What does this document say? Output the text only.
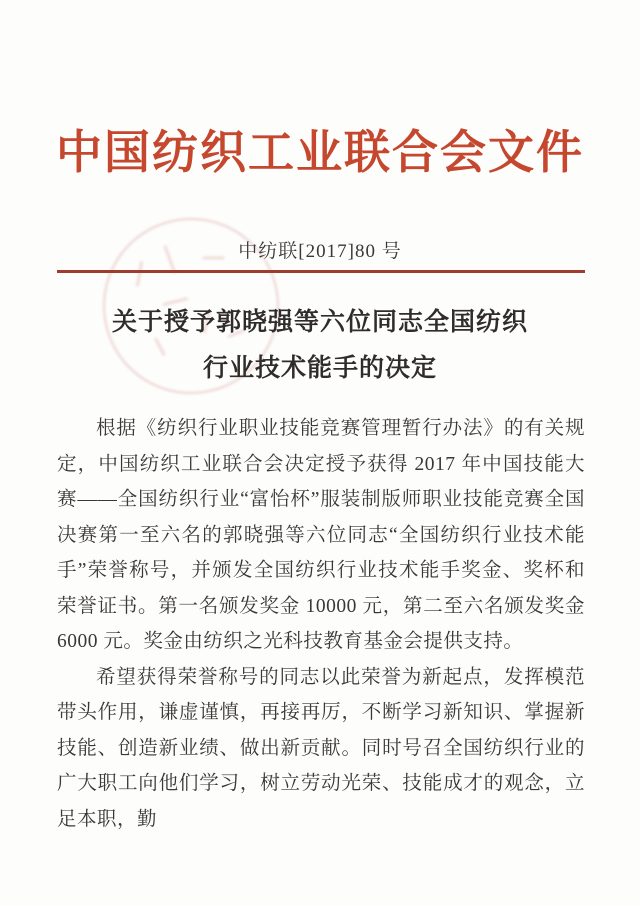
中国纺织工业联合会文件
中纺联[2017]80 号
关于授予郭晓强等六位同志全国纺织
行业技术能手的决定

根据《纺织行业职业技能竞赛管理暂行办法》的有关规定，中国纺织工业联合会决定授予获得 2017 年中国技能大赛——全国纺织行业“富怡杯”服装制版师职业技能竞赛全国决赛第一至六名的郭晓强等六位同志“全国纺织行业技术能手”荣誉称号，并颁发全国纺织行业技术能手奖金、奖杯和荣誉证书。第一名颁发奖金 10000 元，第二至六名颁发奖金 6000 元。奖金由纺织之光科技教育基金会提供支持。

希望获得荣誉称号的同志以此荣誉为新起点，发挥模范带头作用，谦虚谨慎，再接再厉，不断学习新知识、掌握新技能、创造新业绩、做出新贡献。同时号召全国纺织行业的广大职工向他们学习，树立劳动光荣、技能成才的观念，立足本职，勤
